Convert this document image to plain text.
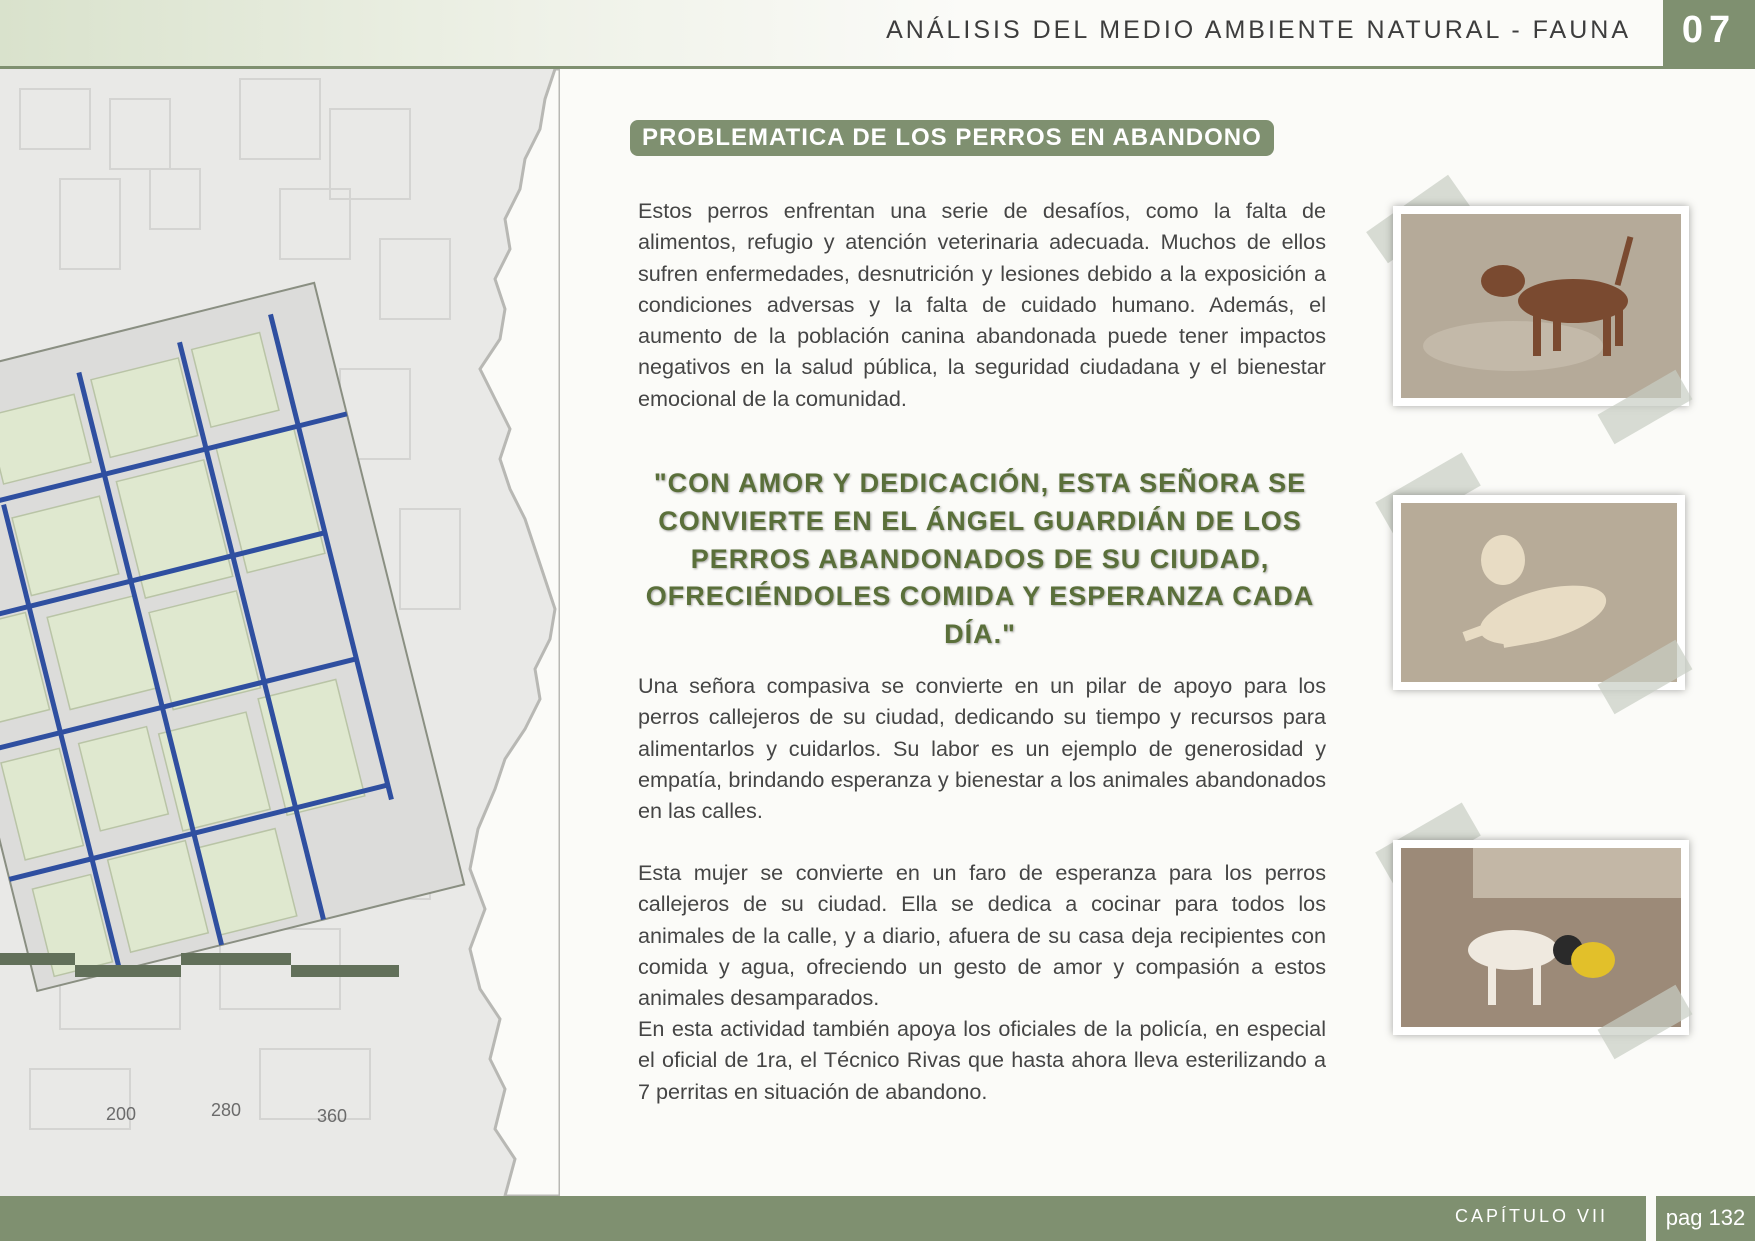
ANÁLISIS DEL MEDIO AMBIENTE NATURAL - FAUNA	07
200	280	360
PROBLEMATICA DE LOS PERROS EN ABANDONO

Estos perros enfrentan una serie de desafíos, como la falta de alimentos, refugio y atención veterinaria adecuada. Muchos de ellos sufren enfermedades, desnutrición y lesiones debido a la exposición a condiciones adversas y la falta de cuidado humano. Además, el aumento de la población canina abandonada puede tener impactos negativos en la salud pública, la seguridad ciudadana y el bienestar emocional de la comunidad.

"CON AMOR Y DEDICACIÓN, ESTA SEÑORA SE CONVIERTE EN EL ÁNGEL GUARDIÁN DE LOS PERROS ABANDONADOS DE SU CIUDAD, OFRECIÉNDOLES COMIDA Y ESPERANZA CADA DÍA."

Una señora compasiva se convierte en un pilar de apoyo para los perros callejeros de su ciudad, dedicando su tiempo y recursos para alimentarlos y cuidarlos. Su labor es un ejemplo de generosidad y empatía, brindando esperanza y bienestar a los animales abandonados en las calles.

Esta mujer se convierte en un faro de esperanza para los perros callejeros de su ciudad. Ella se dedica a cocinar para todos los animales de la calle, y a diario, afuera de su casa deja recipientes con comida y agua, ofreciendo un gesto de amor y compasión a estos animales desamparados.

En esta actividad también apoya los oficiales de la policía, en especial el oficial de 1ra, el Técnico Rivas que hasta ahora lleva esterilizando a 7 perritas en situación de abandono.

CAPÍTULO VII	pag 132
